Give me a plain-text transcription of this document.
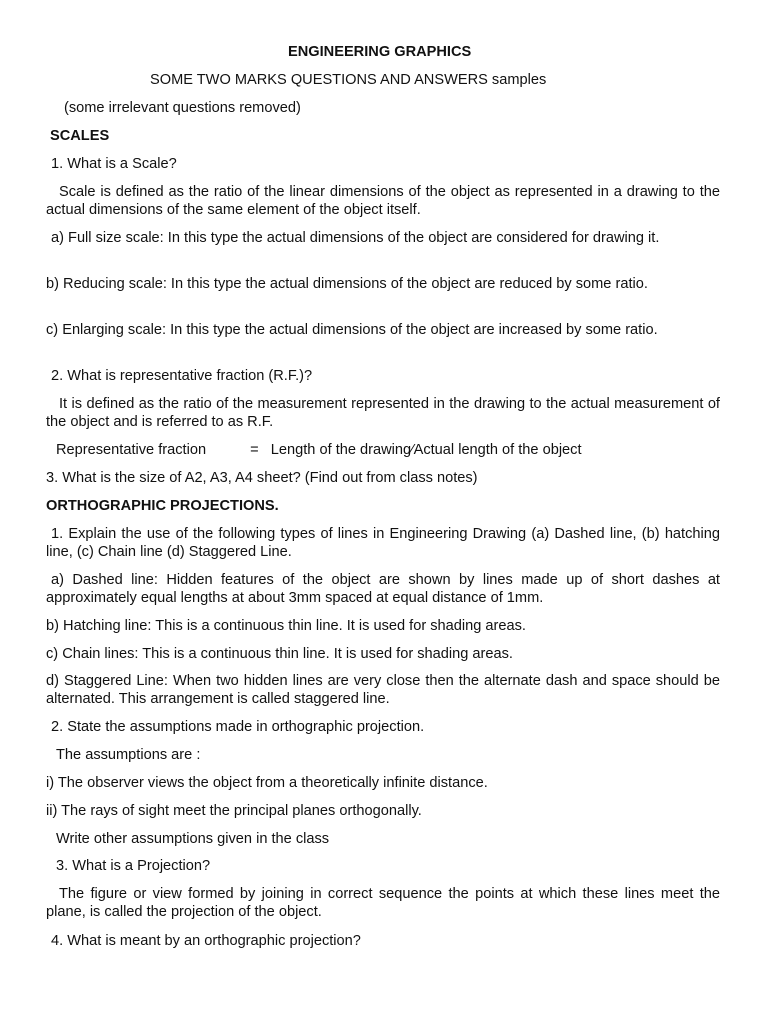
ENGINEERING GRAPHICS
SOME TWO MARKS QUESTIONS AND ANSWERS samples
(some irrelevant questions removed)
SCALES
1. What is a Scale?
Scale is defined as the ratio of the linear dimensions of the object as represented in a drawing to the actual dimensions of the same element of the object itself.
a) Full size scale: In this type the actual dimensions of the object are considered for drawing it.
b) Reducing scale: In this type the actual dimensions of the object are reduced by some ratio.
c) Enlarging scale: In this type the actual dimensions of the object are increased by some ratio.
2. What is representative fraction (R.F.)?
It is defined as the ratio of the measurement represented in the drawing to the actual measurement of the object and is referred to as R.F.
Representative fraction	= Length of the drawing∕Actual length of the object
3. What is the size of A2, A3, A4 sheet? (Find out from class notes)
ORTHOGRAPHIC PROJECTIONS.
1. Explain the use of the following types of lines in Engineering Drawing (a) Dashed line, (b) hatching line, (c) Chain line (d) Staggered Line.
a) Dashed line: Hidden features of the object are shown by lines made up of short dashes at approximately equal lengths at about 3mm spaced at equal distance of 1mm.
b) Hatching line: This is a continuous thin line. It is used for shading areas.
c) Chain lines: This is a continuous thin line. It is used for shading areas.
d) Staggered Line: When two hidden lines are very close then the alternate dash and space should be alternated. This arrangement is called staggered line.
2. State the assumptions made in orthographic projection.
The assumptions are :
i) The observer views the object from a theoretically infinite distance.
ii) The rays of sight meet the principal planes orthogonally.
Write other assumptions given in the class
3. What is a Projection?
The figure or view formed by joining in correct sequence the points at which these lines meet the plane, is called the projection of the object.
4. What is meant by an orthographic projection?
